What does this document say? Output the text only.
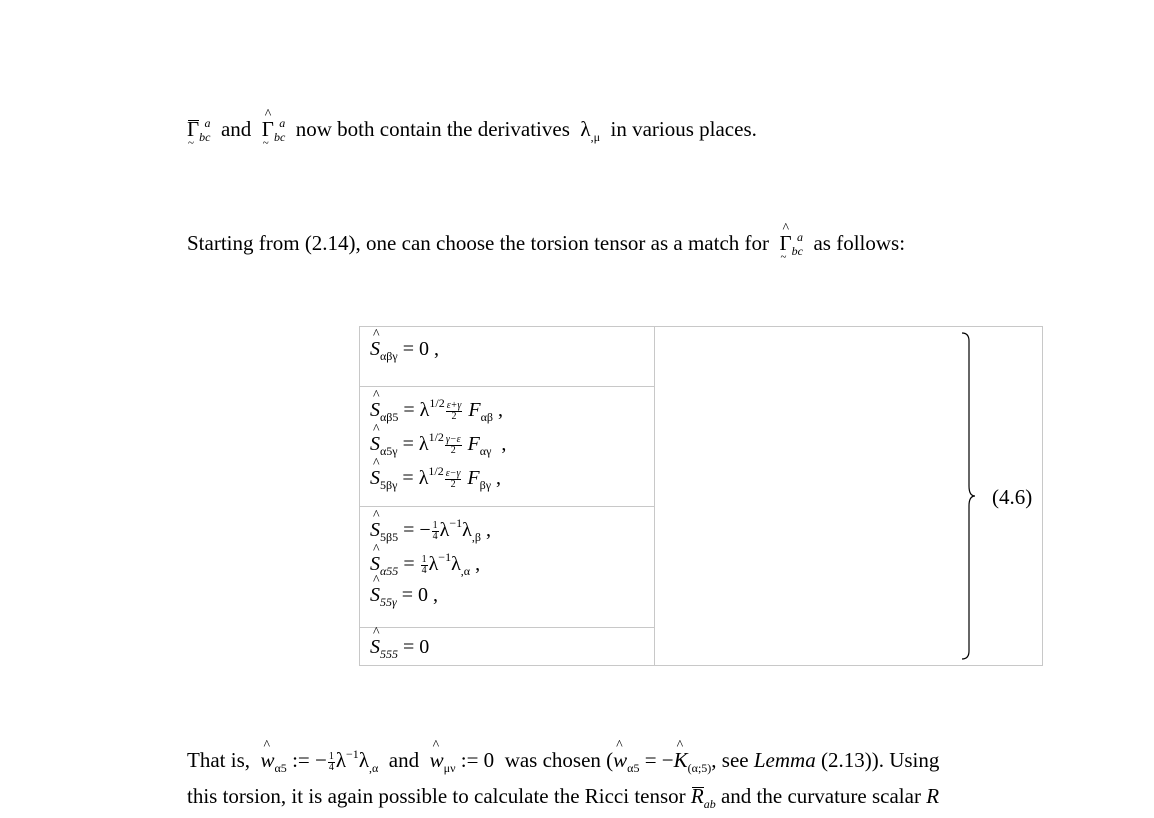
Γ $\sim_{bc}^a$ and ^ Γ $\sim_{bc}^a$ now both contain the derivatives $\lambda_{,\mu}$ in various places.
Starting from (2.14), one can choose the torsion tensor as a match for ^ Γ $\sim_{bc}^a$ as follows:
^ $S_{\alpha\beta\gamma} = 0$ ,
^ $S_{\alpha\beta 5} = \lambda^{1/2} \frac{\varepsilon+\gamma}{2} F_{\alpha\beta}$ ,
^ $S_{\alpha 5\gamma} = \lambda^{1/2} \frac{\gamma-\varepsilon}{2} F_{\alpha\gamma}$  ,
^ $S_{5\beta\gamma} = \lambda^{1/2} \frac{\varepsilon-\gamma}{2} F_{\beta\gamma}$ ,
^ $S_{5\beta 5}$ = − $\frac{1}{4} \lambda^{-1}\lambda_{,\beta}$ ,
^ $S_{\alpha 55} = \frac{1}{4} \lambda^{-1}\lambda_{,\alpha}$ ,
^ $S_{55\gamma} = 0$ ,
^ $S_{555} = 0$
(4.6)
That is, ^ $w_{\alpha 5}$ := − $\frac{1}{4} \lambda^{-1}\lambda_{,\alpha}$ and ^ $w_{\mu\nu}$ := 0 was chosen (^ $w_{\alpha 5}$ = −^ $K_{(\alpha;5)}$, see Lemma (2.13)). Using
this torsion, it is again possible to calculate the Ricci tensor $R_{ab}$ and the curvature scalar R
